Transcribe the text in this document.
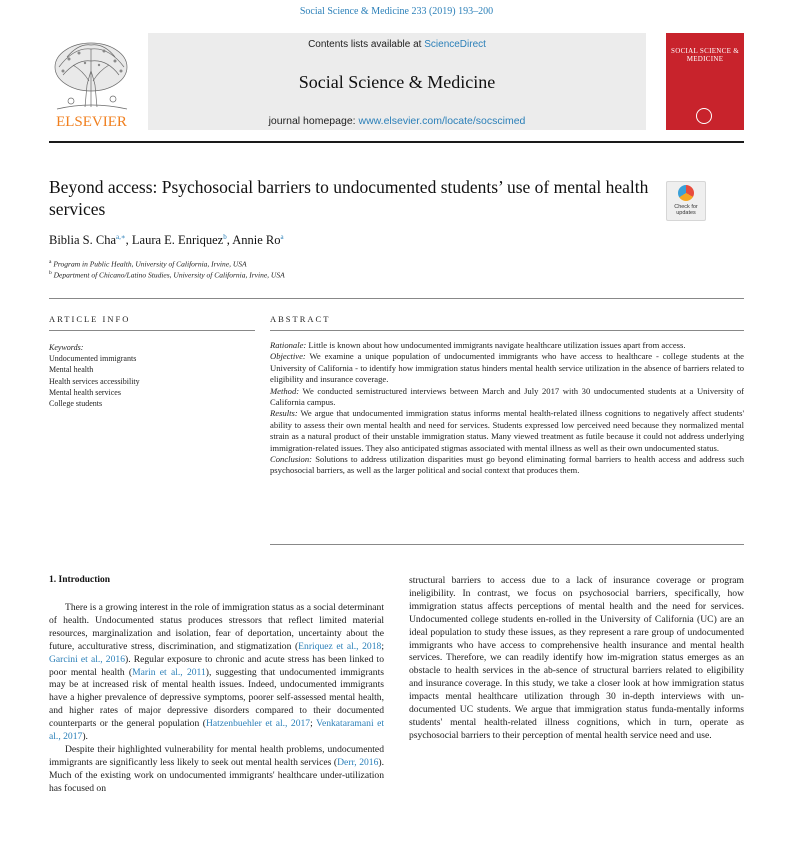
Social Science & Medicine 233 (2019) 193–200
ELSEVIER
Contents lists available at ScienceDirect
Social Science & Medicine
journal homepage: www.elsevier.com/locate/socscimed
SOCIAL SCIENCE & MEDICINE
Beyond access: Psychosocial barriers to undocumented students’ use of mental health services	Check for updates
Biblia S. Cha$^{a,∗}$, Laura E. Enriquez$^b$, Annie Ro$^a$
$^a$ Program in Public Health, University of California, Irvine, USA
$^b$ Department of Chicano/Latino Studies, University of California, Irvine, USA
ARTICLE INFO	ABSTRACT
Keywords:
Undocumented immigrants
Mental health
Health services accessibility
Mental health services
College students

Rationale: Little is known about how undocumented immigrants navigate healthcare utilization issues apart from access.

Objective: We examine a unique population of undocumented immigrants who have access to healthcare - college students at the University of California - to identify how immigration status hinders mental health service utilization in the absence of barriers related to eligibility and insurance coverage.

Method: We conducted semistructured interviews between March and July 2017 with 30 undocumented students at a University of California campus.

Results: We argue that undocumented immigration status informs mental health-related illness cognitions to negatively affect students' ability to assess their own mental health and need for services. Students expressed low perceived need because they normalized mental strain as a natural product of their unstable immigration status. Many viewed treatment as futile because it could not address underlying immigration-related issues. They also anticipated stigmas associated with mental illness as well as their own undocumented status.

Conclusion: Solutions to address utilization disparities must go beyond eliminating formal barriers to health access and address such psychosocial barriers, as well as the larger political and social context that produces them.

1. Introduction

There is a growing interest in the role of immigration status as a social determinant of health. Undocumented status produces stressors that reflect limited material resources, marginalization and isolation, fear of deportation, uncertainty about the future, acculturative stress, discrimination, and stigmatization (Enriquez et al., 2018; Garcini et al., 2016). Regular exposure to chronic and acute stress has been linked to poor mental health (Marin et al., 2011), suggesting that undocumented immigrants may be at increased risk of mental health issues. Indeed, undocumented immigrants have a higher prevalence of depressive symptoms, poorer self-assessed mental health, and higher rates of major depressive disorders compared to their documented counterparts or the general population (Hatzenbuehler et al., 2017; Venkataramani et al., 2017).

Despite their highlighted vulnerability for mental health problems, undocumented immigrants are significantly less likely to seek out mental health services (Derr, 2016). Much of the existing work on undocumented immigrants' healthcare under-utilization has focused on

structural barriers to access due to a lack of insurance coverage or program ineligibility. In contrast, we focus on psychosocial barriers, specifically, how immigration status affects perceptions of mental health and the need for services. Undocumented college students en-rolled in the University of California (UC) are an ideal population to study these issues, as they represent a rare group of undocumented immigrants who have access to comprehensive health insurance and mental health services. Therefore, we can readily identify how im-migration status emerges as an obstacle to health services in the ab-sence of structural barriers related to eligibility and insurance coverage. In this study, we take a closer look at how immigration status impacts mental healthcare utilization through 30 in-depth interviews with un-documented UC students. We argue that immigration status funda-mentally informs students' mental health-related illness cognitions, which in turn, operate as psychosocial barriers to their perception of mental health service need and use.
